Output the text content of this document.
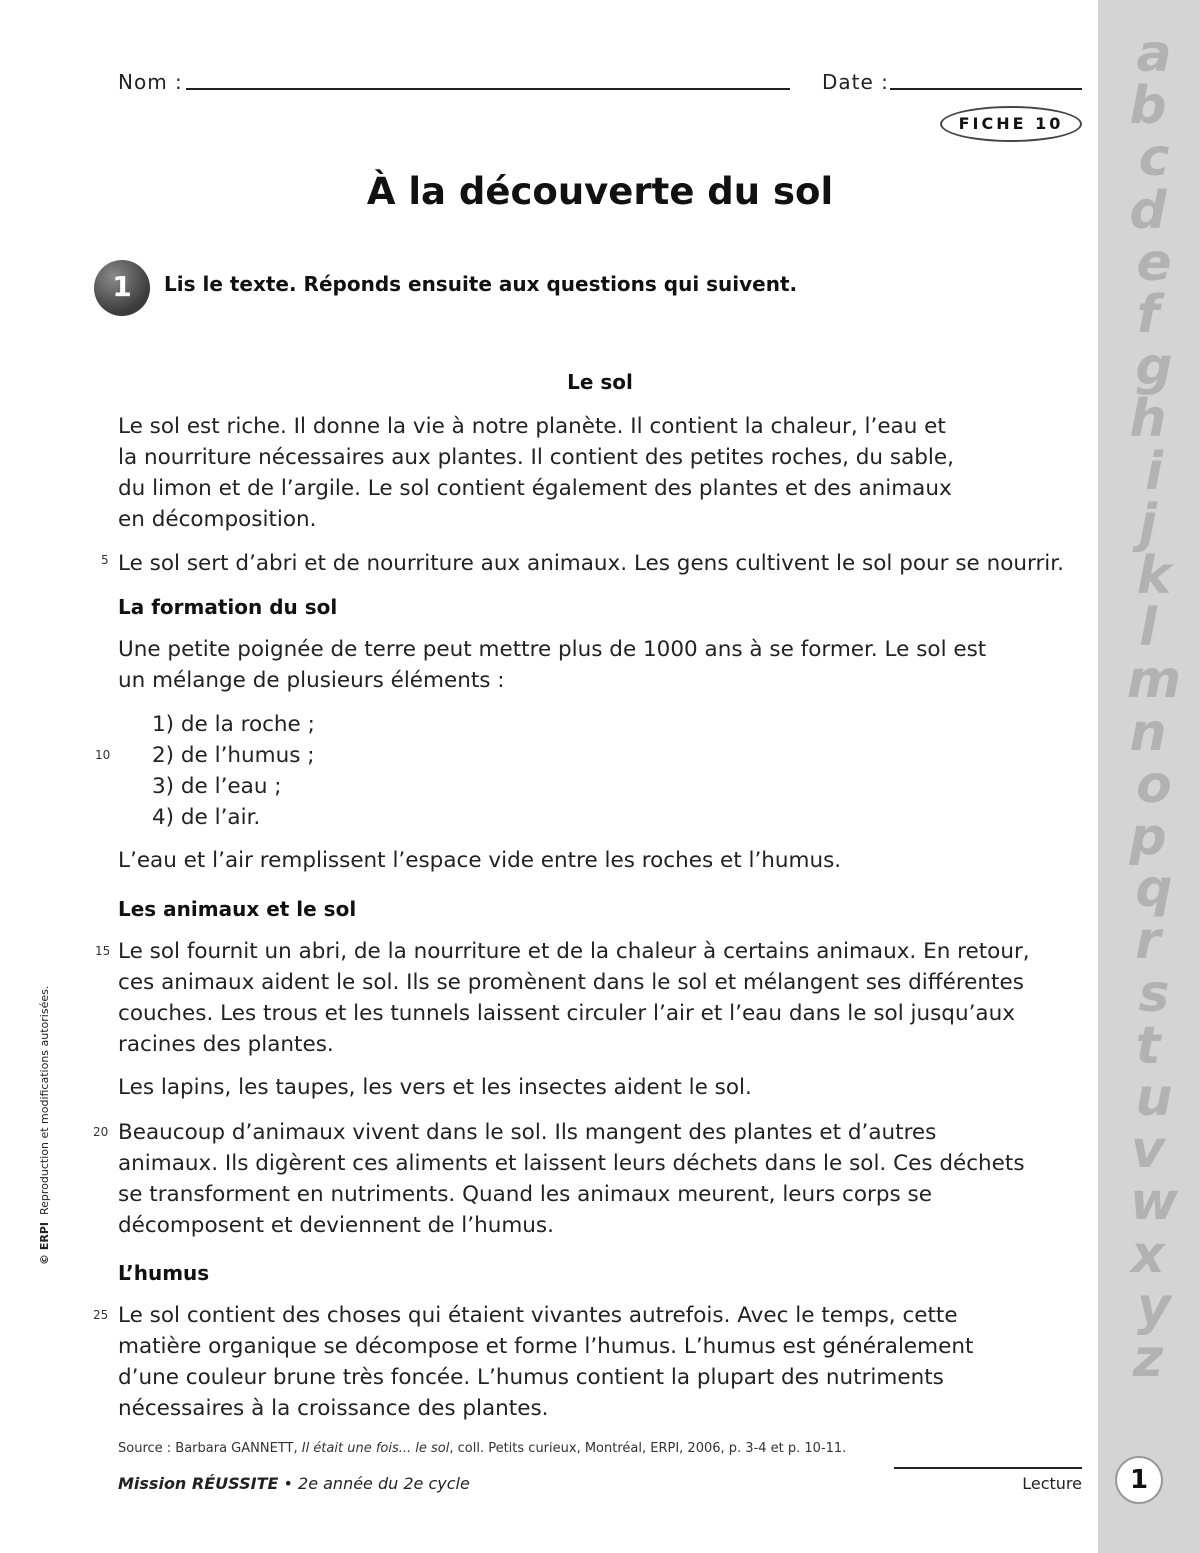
a
b
c
d
e
f
g
h
i
j
k
l
m
n
o
p
q
r
s
t
u
v
w
x
y
z
1
Nom :	Date :
FICHE 10
À la découverte du sol
1	Lis le texte. Réponds ensuite aux questions qui suivent.
Le sol
Le sol est riche. Il donne la vie à notre planète. Il contient la chaleur, l’eau et
la nourriture nécessaires aux plantes. Il contient des petites roches, du sable,
du limon et de l’argile. Le sol contient également des plantes et des animaux
en décomposition.
5 Le sol sert d’abri et de nourriture aux animaux. Les gens cultivent le sol pour se nourrir.
La formation du sol
Une petite poignée de terre peut mettre plus de 1000 ans à se former. Le sol est
un mélange de plusieurs éléments :
10
1) de la roche ;
2) de l’humus ;
3) de l’eau ;
4) de l’air.
L’eau et l’air remplissent l’espace vide entre les roches et l’humus.
Les animaux et le sol
15 Le sol fournit un abri, de la nourriture et de la chaleur à certains animaux. En retour,
ces animaux aident le sol. Ils se promènent dans le sol et mélangent ses différentes
couches. Les trous et les tunnels laissent circuler l’air et l’eau dans le sol jusqu’aux
racines des plantes.
Les lapins, les taupes, les vers et les insectes aident le sol.
20 Beaucoup d’animaux vivent dans le sol. Ils mangent des plantes et d’autres
animaux. Ils digèrent ces aliments et laissent leurs déchets dans le sol. Ces déchets
se transforment en nutriments. Quand les animaux meurent, leurs corps se
décomposent et deviennent de l’humus.
L’humus
25 Le sol contient des choses qui étaient vivantes autrefois. Avec le temps, cette
matière organique se décompose et forme l’humus. L’humus est généralement
d’une couleur brune très foncée. L’humus contient la plupart des nutriments
nécessaires à la croissance des plantes.
Source : Barbara GANNETT, Il était une fois... le sol, coll. Petits curieux, Montréal, ERPI, 2006, p. 3-4 et p. 10-11.
Mission RÉUSSITE • 2e année du 2e cycle	Lecture
© ERPI  Reproduction et modifications autorisées.
